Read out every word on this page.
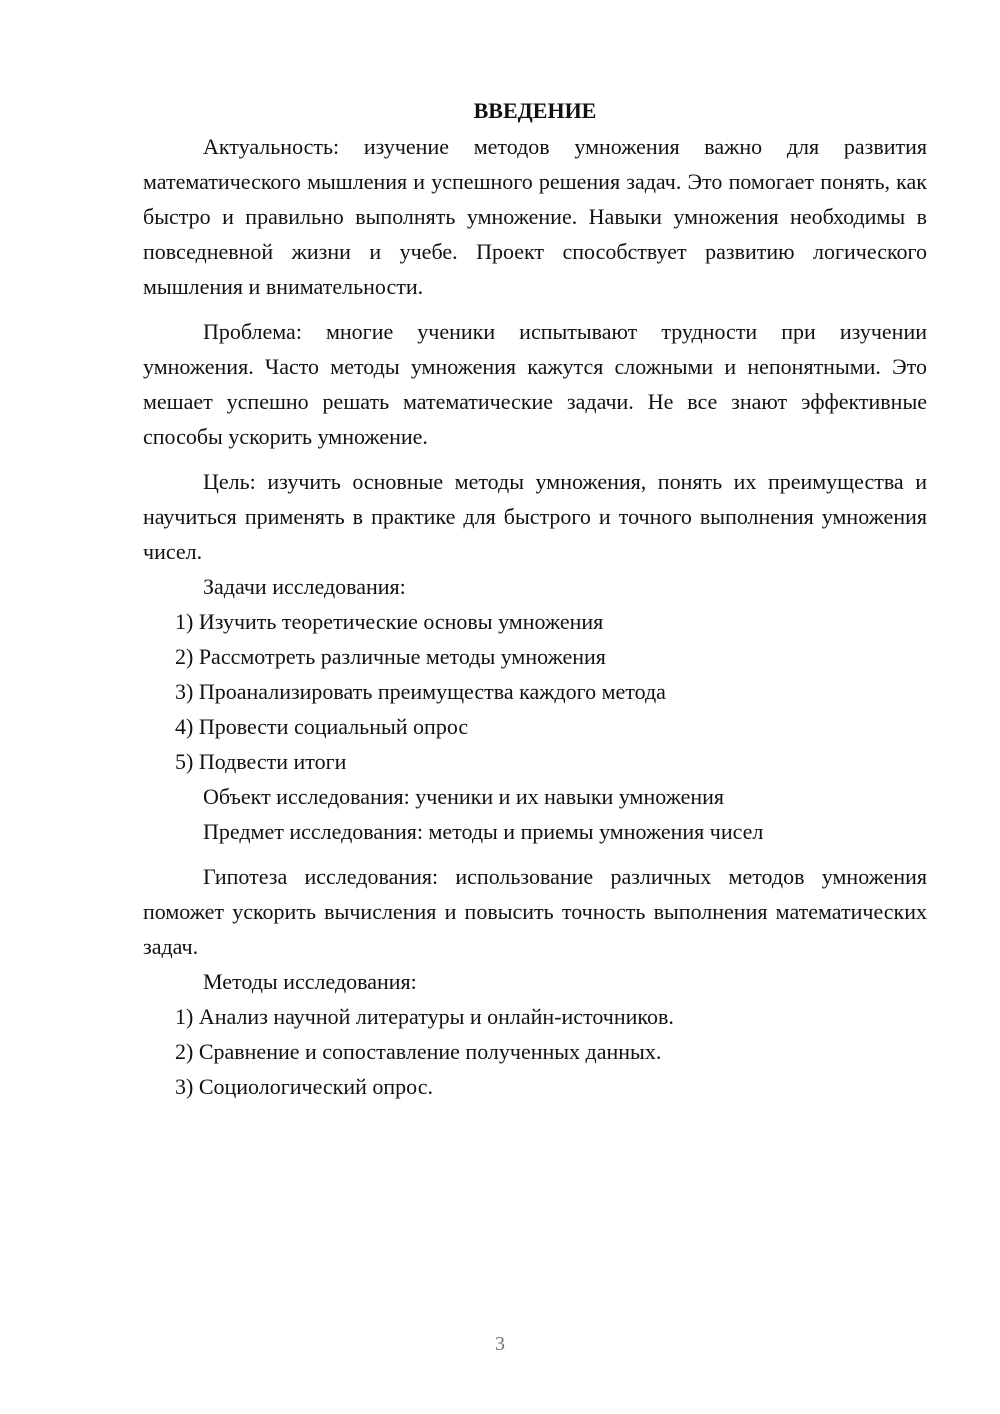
ВВЕДЕНИЕ

Актуальность: изучение методов умножения важно для развития математического мышления и успешного решения задач. Это помогает понять, как быстро и правильно выполнять умножение. Навыки умножения необходимы в повседневной жизни и учебе. Проект способствует развитию логического мышления и внимательности.

Проблема: многие ученики испытывают трудности при изучении умножения. Часто методы умножения кажутся сложными и непонятными. Это мешает успешно решать математические задачи. Не все знают эффективные способы ускорить умножение.

Цель: изучить основные методы умножения, понять их преимущества и научиться применять в практике для быстрого и точного выполнения умножения чисел.

Задачи исследования:

1) Изучить теоретические основы умножения

2) Рассмотреть различные методы умножения

3) Проанализировать преимущества каждого метода

4) Провести социальный опрос

5) Подвести итоги

Объект исследования: ученики и их навыки умножения

Предмет исследования: методы и приемы умножения чисел

Гипотеза исследования: использование различных методов умножения поможет ускорить вычисления и повысить точность выполнения математических задач.

Методы исследования:

1) Анализ научной литературы и онлайн-источников.

2) Сравнение и сопоставление полученных данных.

3) Социологический опрос.

3
